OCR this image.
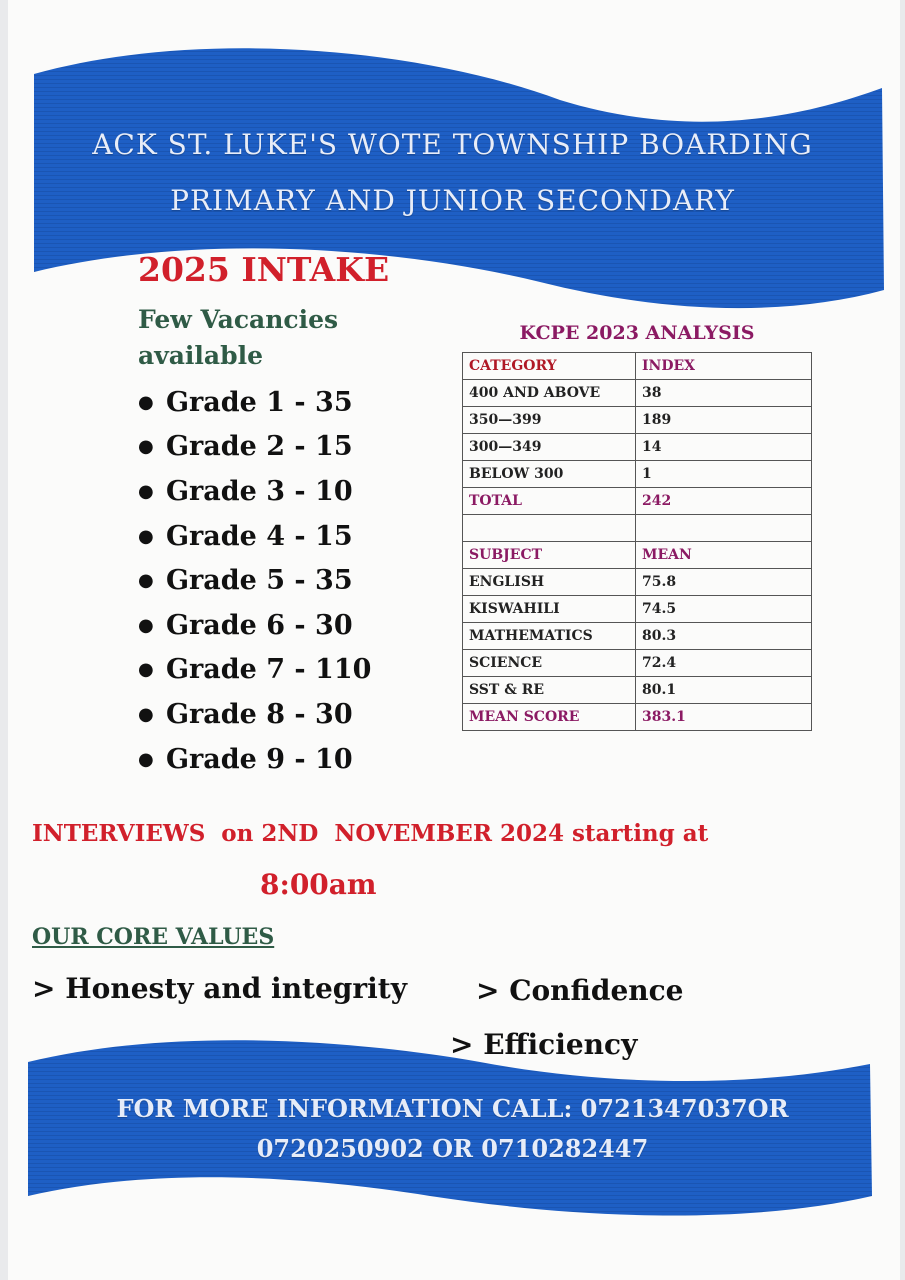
ACK ST. LUKE'S WOTE TOWNSHIP BOARDING
PRIMARY AND JUNIOR SECONDARY
2025 INTAKE
Few Vacancies available
● Grade 1 - 35
● Grade 2 - 15
● Grade 3 - 10
● Grade 4 - 15
● Grade 5 - 35
● Grade 6 - 30
● Grade 7 - 110
● Grade 8 - 30
● Grade 9 - 10
KCPE 2023 ANALYSIS
CATEGORY	INDEX
400 AND ABOVE	38
350—399	189
300—349	14
BELOW 300	1
TOTAL	242

SUBJECT	MEAN
ENGLISH	75.8
KISWAHILI	74.5
MATHEMATICS	80.3
SCIENCE	72.4
SST & RE	80.1
MEAN SCORE	383.1
INTERVIEWS  on 2ND  NOVEMBER 2024 starting at
8:00am
OUR CORE VALUES
> Honesty and integrity > Confidence
> Efficiency
FOR MORE INFORMATION CALL: 0721347037OR
0720250902 OR 0710282447
